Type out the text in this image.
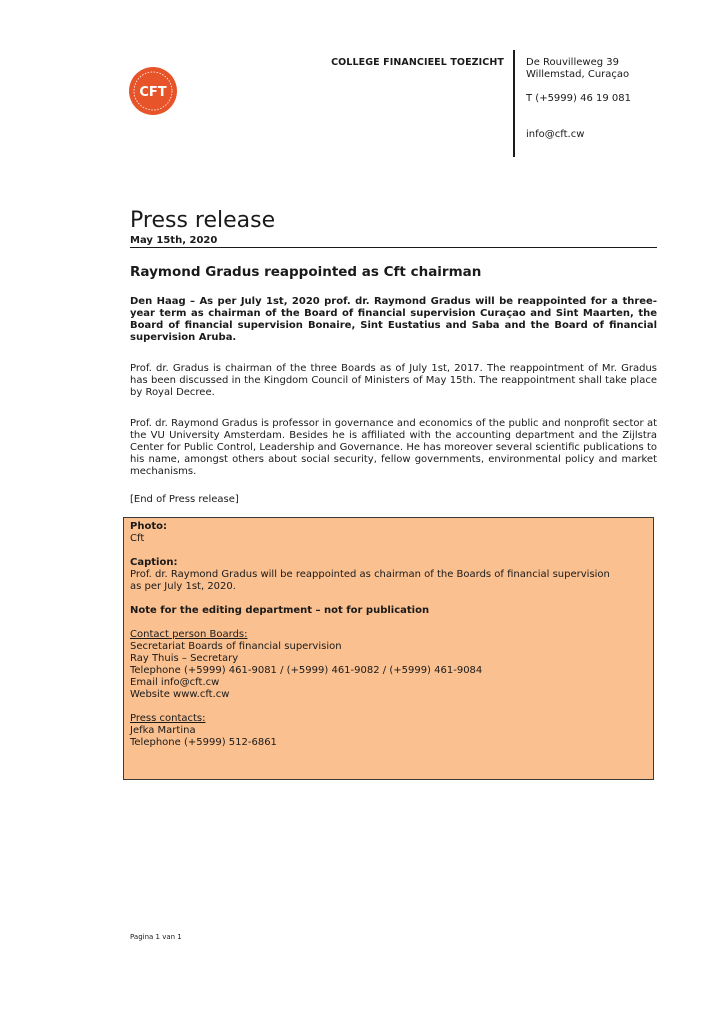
CFT
COLLEGE FINANCIEEL TOEZICHT De Rouvilleweg 39
Willemstad, Curaçao
T (+5999) 46 19 081
info@cft.cw
Press release
May 15th, 2020
Raymond Gradus reappointed as Cft chairman

Den Haag – As per July 1st, 2020 prof. dr. Raymond Gradus will be reappointed for a three-year term as chairman of the Board of financial supervision Curaçao and Sint Maarten, the Board of financial supervision Bonaire, Sint Eustatius and Saba and the Board of financial supervision Aruba.

Prof. dr. Gradus is chairman of the three Boards as of July 1st, 2017. The reappointment of Mr. Gradus has been discussed in the Kingdom Council of Ministers of May 15th. The reappointment shall take place by Royal Decree.

Prof. dr. Raymond Gradus is professor in governance and economics of the public and nonprofit sector at the VU University Amsterdam. Besides he is affiliated with the accounting department and the Zijlstra Center for Public Control, Leadership and Governance. He has moreover several scientific publications to his name, amongst others about social security, fellow governments, environmental policy and market mechanisms.

[End of Press release]
Photo:
Cft
Caption:
Prof. dr. Raymond Gradus will be reappointed as chairman of the Boards of financial supervision
as per July 1st, 2020.
Note for the editing department – not for publication
Contact person Boards:
Secretariat Boards of financial supervision
Ray Thuis – Secretary
Telephone (+5999) 461-9081 / (+5999) 461-9082 / (+5999) 461-9084
Email info@cft.cw
Website www.cft.cw
Press contacts:
Jefka Martina
Telephone (+5999) 512-6861
Pagina 1 van 1
